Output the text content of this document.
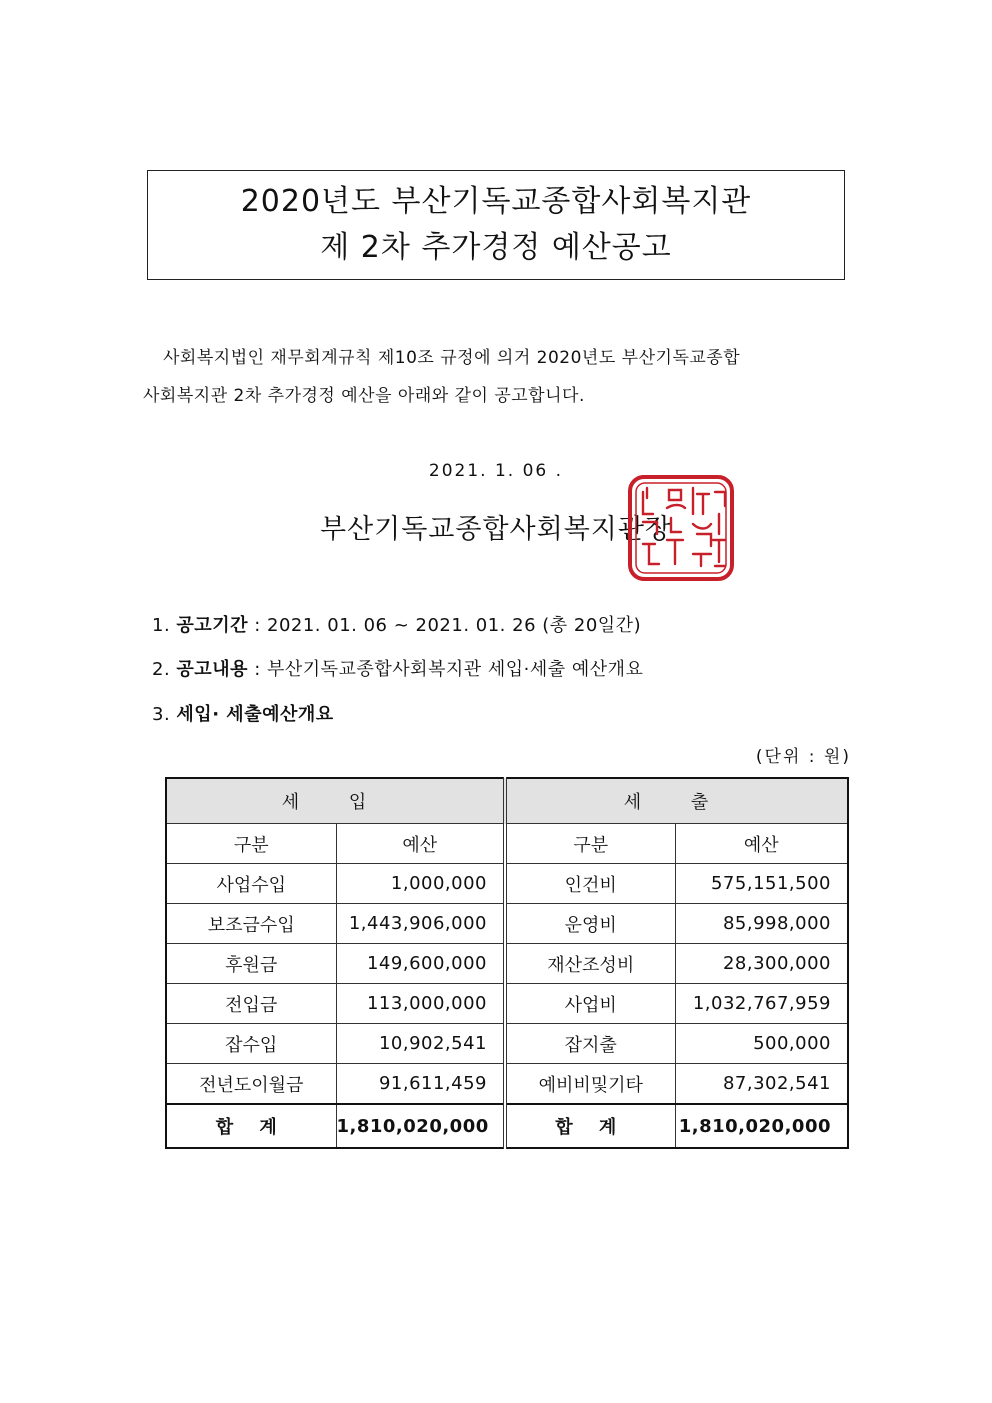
2020년도 부산기독교종합사회복지관
제 2차 추가경정 예산공고
사회복지법인 재무회계규칙 제10조 규정에 의거 2020년도 부산기독교종합
사회복지관 2차 추가경정 예산을 아래와 같이 공고합니다.
2021. 1. 06 .
부산기독교종합사회복지관장
1. 공고기간 : 2021. 01. 06 ~ 2021. 01. 26 (총 20일간)
2. 공고내용 : 부산기독교종합사회복지관 세입·세출 예산개요
3. 세입· 세출예산개요
(단위 : 원)
세 입		세 출	
구분	예산	구분	예산
사업수입	1,000,000	인건비	575,151,500
보조금수입	1,443,906,000	운영비	85,998,000
후원금	149,600,000	재산조성비	28,300,000
전입금	113,000,000	사업비	1,032,767,959
잡수입	10,902,541	잡지출	500,000
전년도이월금	91,611,459	예비비및기타	87,302,541
합 계	1,810,020,000	합 계	1,810,020,000
